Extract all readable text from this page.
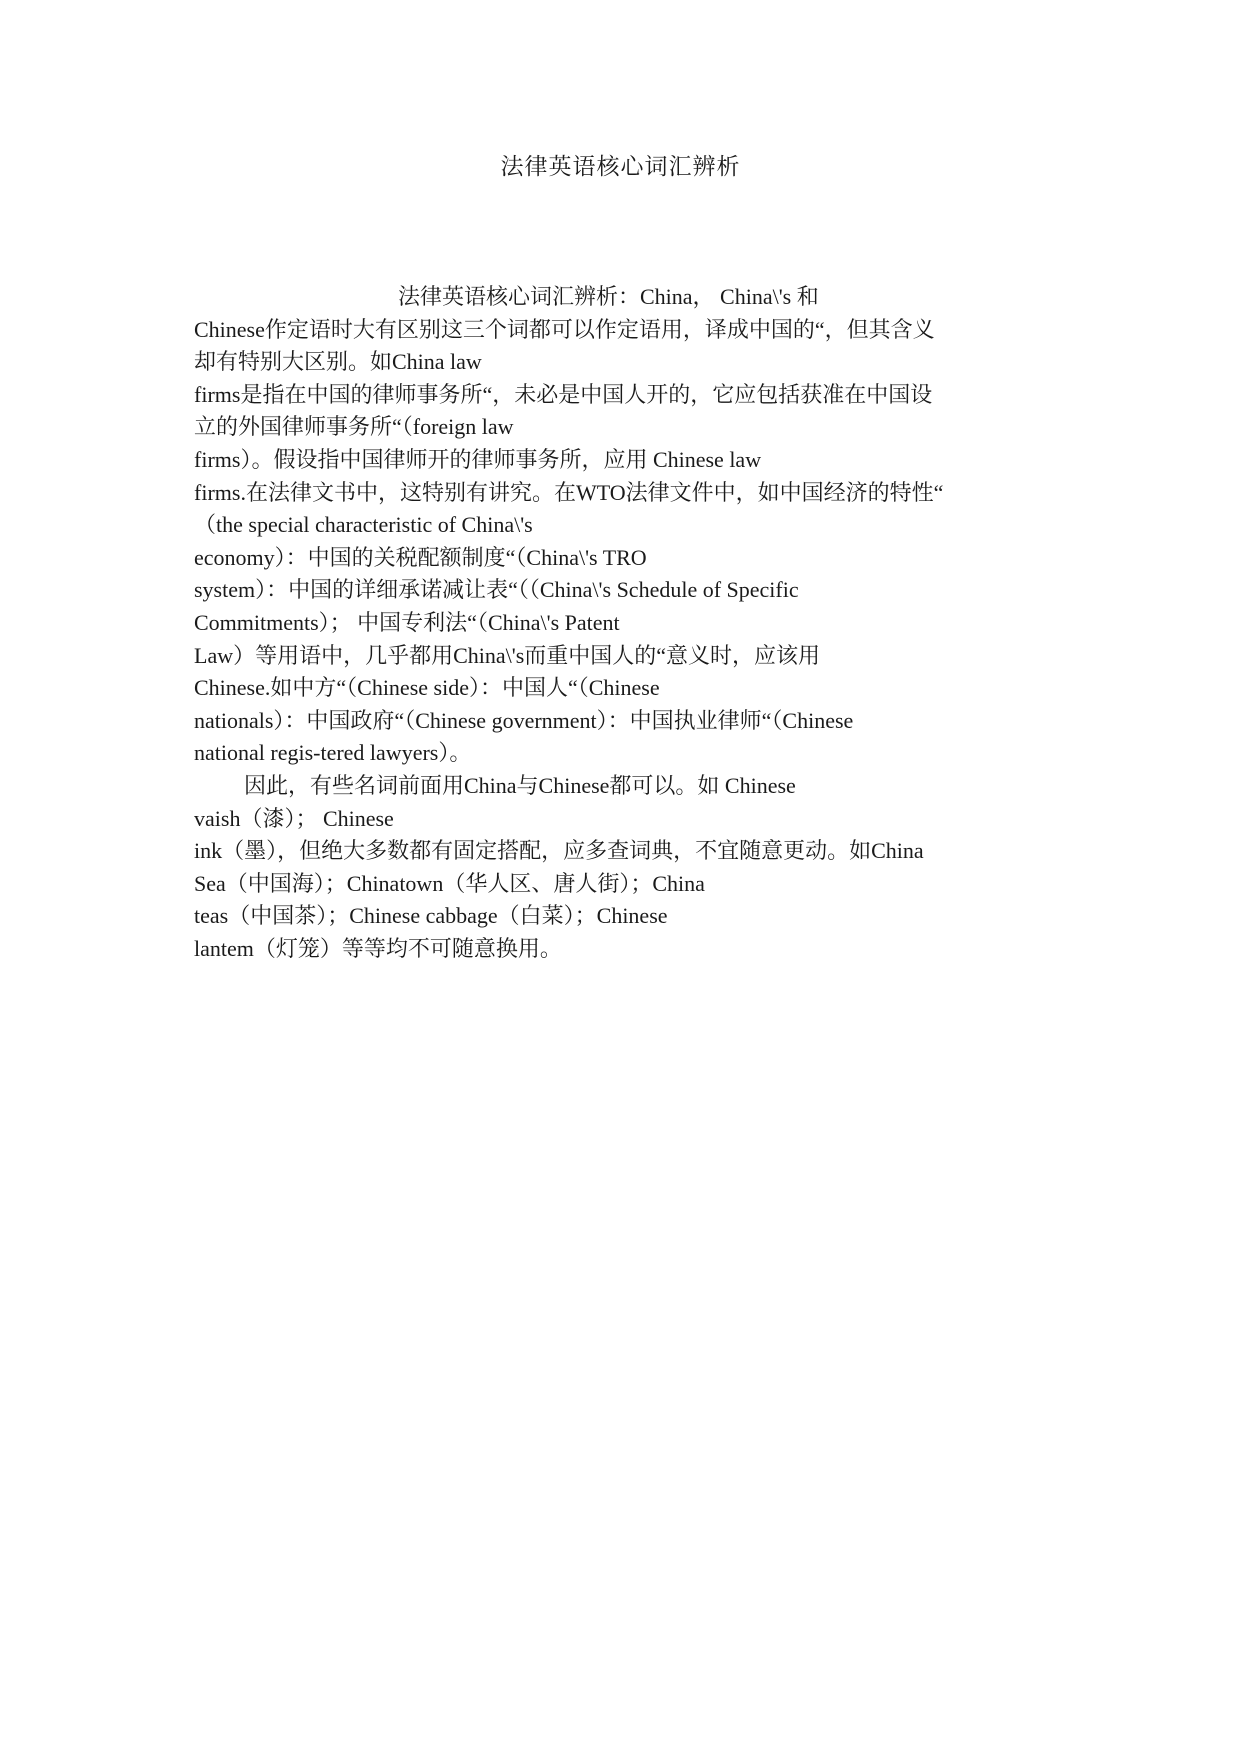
法律英语核心词汇辨析
法律英语核心词汇辨析：China， China\'s 和
Chinese作定语时大有区别这三个词都可以作定语用，译成中国的“，但其含义
却有特别大区别。如China law
firms是指在中国的律师事务所“，未必是中国人开的，它应包括获准在中国设
立的外国律师事务所“（foreign law
firms）。假设指中国律师开的律师事务所，应用 Chinese law
firms.在法律文书中，这特别有讲究。在WTO法律文件中，如中国经济的特性“
（the special characteristic of China\'s
economy）：中国的关税配额制度“（China\'s TRO
system）：中国的详细承诺减让表“（（China\'s Schedule of Specific
Commitments）； 中国专利法“（China\'s Patent
Law）等用语中，几乎都用China\'s而重中国人的“意义时，应该用
Chinese.如中方“（Chinese side）：中国人“（Chinese
nationals）：中国政府“（Chinese government）：中国执业律师“（Chinese
national regis-tered lawyers）。
因此，有些名词前面用China与Chinese都可以。如 Chinese
vaish（漆）； Chinese
ink（墨），但绝大多数都有固定搭配，应多查词典，不宜随意更动。如China
Sea（中国海）；Chinatown（华人区、唐人街）；China
teas（中国茶）；Chinese cabbage（白菜）；Chinese
lantem（灯笼）等等均不可随意换用。
